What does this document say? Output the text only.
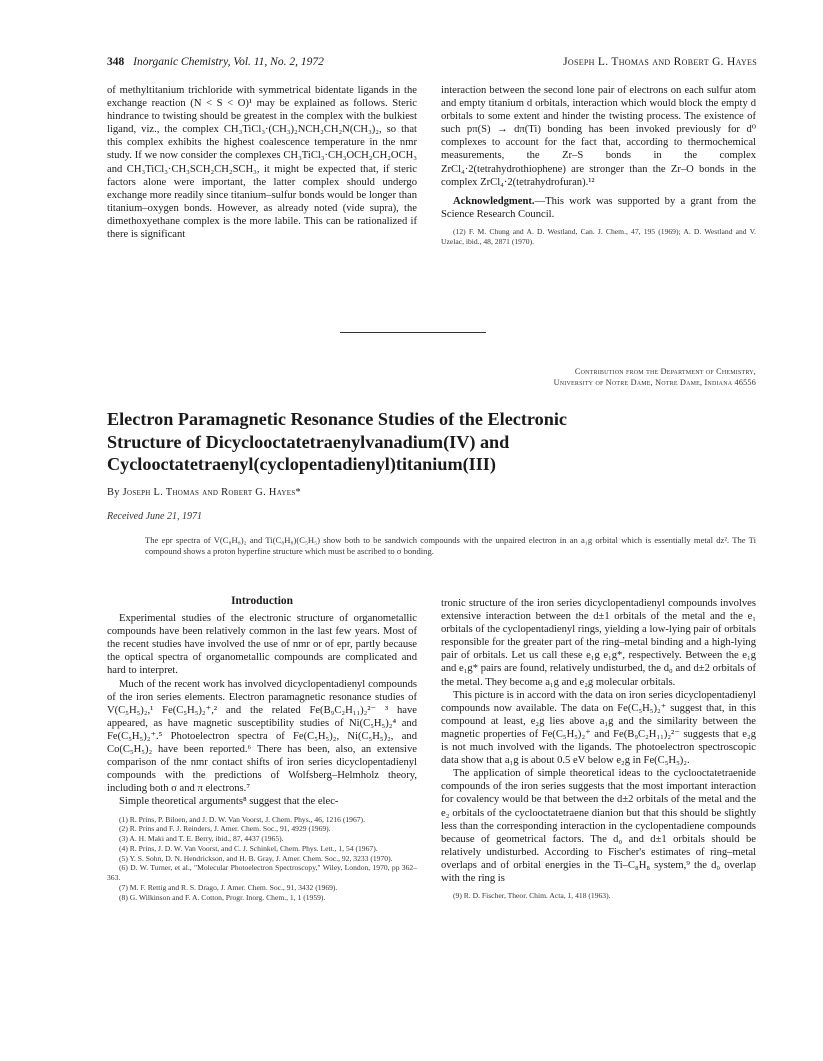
348 Inorganic Chemistry, Vol. 11, No. 2, 1972	Joseph L. Thomas and Robert G. Hayes

of methyltitanium trichloride with symmetrical bidentate ligands in the exchange reaction (N < S < O)¹ may be explained as follows. Steric hindrance to twisting should be greatest in the complex with the bulkiest ligand, viz., the complex CH₃TiCl₃·(CH₃)₂NCH₂CH₂N(CH₃)₂, so that this complex exhibits the highest coalescence temperature in the nmr study. If we now consider the complexes CH₃TiCl₃·CH₃OCH₂CH₂OCH₃ and CH₃TiCl₃·CH₃SCH₂CH₂SCH₃, it might be expected that, if steric factors alone were important, the latter complex should undergo exchange more readily since titanium–sulfur bonds would be longer than titanium–oxygen bonds. However, as already noted (vide supra), the dimethoxyethane complex is the more labile. This can be rationalized if there is significant

interaction between the second lone pair of electrons on each sulfur atom and empty titanium d orbitals, interaction which would block the empty d orbitals to some extent and hinder the twisting process. The existence of such pπ(S) → dπ(Ti) bonding has been invoked previously for d⁰ complexes to account for the fact that, according to thermochemical measurements, the Zr–S bonds in the complex ZrCl₄·2(tetrahydrothiophene) are stronger than the Zr–O bonds in the complex ZrCl₄·2(tetrahydrofuran).¹²

Acknowledgment.—This work was supported by a grant from the Science Research Council.

(12) F. M. Chung and A. D. Westland, Can. J. Chem., 47, 195 (1969); A. D. Westland and V. Uzelac, ibid., 48, 2871 (1970).

Contribution from the Department of Chemistry,
University of Notre Dame, Notre Dame, Indiana 46556
Electron Paramagnetic Resonance Studies of the Electronic
Structure of Dicyclooctatetraenylvanadium(IV) and
Cyclooctatetraenyl(cyclopentadienyl)titanium(III)
By Joseph L. Thomas and Robert G. Hayes*
Received June 21, 1971
The epr spectra of V(C₈H₈)₂ and Ti(C₈H₈)(C₅H₅) show both to be sandwich compounds with the unpaired electron in an a₁g orbital which is essentially metal dz². The Ti compound shows a proton hyperfine structure which must be ascribed to σ bonding.

Introduction

Experimental studies of the electronic structure of organometallic compounds have been relatively common in the last few years. Most of the recent studies have involved the use of nmr or of epr, partly because the optical spectra of organometallic compounds are complicated and hard to interpret.

Much of the recent work has involved dicyclopentadienyl compounds of the iron series elements. Electron paramagnetic resonance studies of V(C₅H₅)₂,¹ Fe(C₅H₅)₂⁺,² and the related Fe(B₉C₂H₁₁)₂²⁻ ³ have appeared, as have magnetic susceptibility studies of Ni(C₅H₅)₂⁴ and Fe(C₅H₅)₂⁺.⁵ Photoelectron spectra of Fe(C₅H₅)₂, Ni(C₅H₅)₂, and Co(C₅H₅)₂ have been reported.⁶ There has been, also, an extensive comparison of the nmr contact shifts of iron series dicyclopentadienyl compounds with the predictions of Wolfsberg–Helmholz theory, including both σ and π electrons.⁷

Simple theoretical arguments⁸ suggest that the elec-

(1) R. Prins, P. Biloen, and J. D. W. Van Voorst, J. Chem. Phys., 46, 1216 (1967).

(2) R. Prins and F. J. Reinders, J. Amer. Chem. Soc., 91, 4929 (1969).

(3) A. H. Maki and T. E. Berry, ibid., 87, 4437 (1965).

(4) R. Prins, J. D. W. Van Voorst, and C. J. Schinkel, Chem. Phys. Lett., 1, 54 (1967).

(5) Y. S. Sohn, D. N. Hendrickson, and H. B. Gray, J. Amer. Chem. Soc., 92, 3233 (1970).

(6) D. W. Turner, et al., "Molecular Photoelectron Spectroscopy," Wiley, London, 1970, pp 362–363.

(7) M. F. Rettig and R. S. Drago, J. Amer. Chem. Soc., 91, 3432 (1969).

(8) G. Wilkinson and F. A. Cotton, Progr. Inorg. Chem., 1, 1 (1959).

tronic structure of the iron series dicyclopentadienyl compounds involves extensive interaction between the d±1 orbitals of the metal and the e₁ orbitals of the cyclopentadienyl rings, yielding a low-lying pair of orbitals responsible for the greater part of the ring–metal binding and a high-lying pair of orbitals. Let us call these e₁g e₁g*, respectively. Between the e₁g and e₁g* pairs are found, relatively undisturbed, the d₀ and d±2 orbitals of the metal. They become a₁g and e₂g molecular orbitals.

This picture is in accord with the data on iron series dicyclopentadienyl compounds now available. The data on Fe(C₅H₅)₂⁺ suggest that, in this compound at least, e₂g lies above a₁g and the similarity between the magnetic properties of Fe(C₅H₅)₂⁺ and Fe(B₉C₂H₁₁)₂²⁻ suggests that e₂g is not much involved with the ligands. The photoelectron spectroscopic data show that a₁g is about 0.5 eV below e₂g in Fe(C₅H₅)₂.

The application of simple theoretical ideas to the cyclooctatetraenide compounds of the iron series suggests that the most important interaction for covalency would be that between the d±2 orbitals of the metal and the e₂ orbitals of the cyclooctatetraene dianion but that this should be slightly less than the corresponding interaction in the cyclopentadiene compounds because of geometrical factors. The d₀ and d±1 orbitals should be relatively undisturbed. According to Fischer's estimates of ring–metal overlaps and of orbital energies in the Ti–C₈H₈ system,⁹ the d₀ overlap with the ring is

(9) R. D. Fischer, Theor. Chim. Acta, 1, 418 (1963).
